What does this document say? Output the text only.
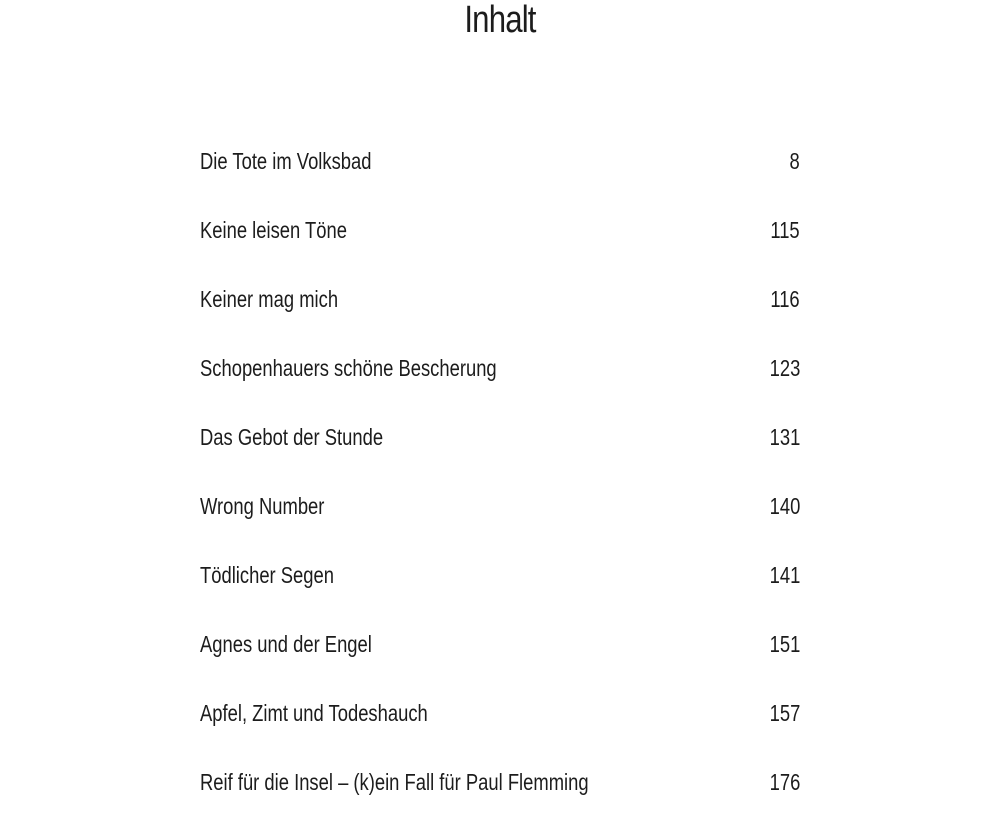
Inhalt
Die Tote im Volksbad	8
Keine leisen Töne	115
Keiner mag mich	116
Schopenhauers schöne Bescherung	123
Das Gebot der Stunde	131
Wrong Number	140
Tödlicher Segen	141
Agnes und der Engel	151
Apfel, Zimt und Todeshauch	157
Reif für die Insel – (k)ein Fall für Paul Flemming	176
